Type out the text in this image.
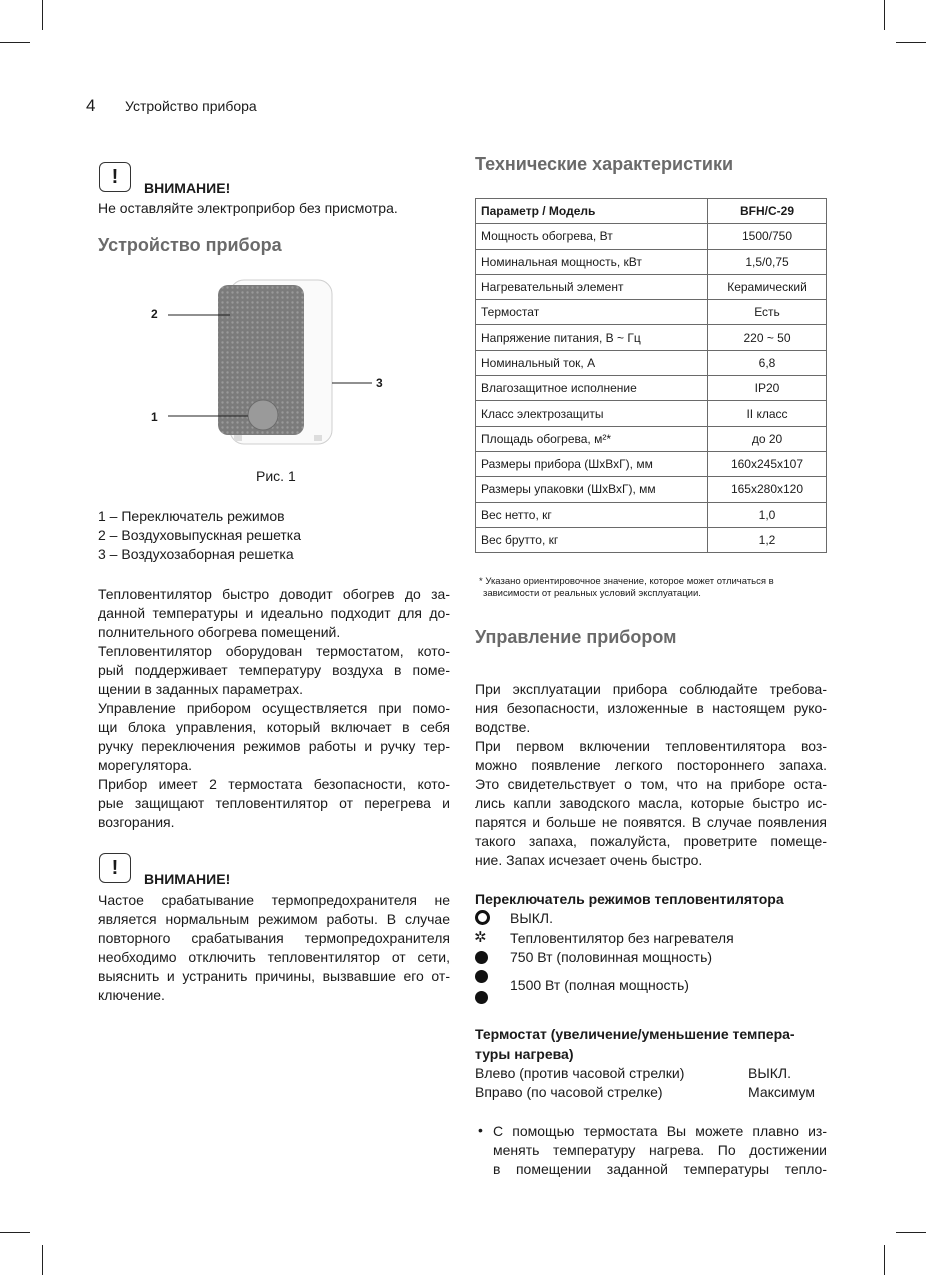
4 Устройство прибора
!
ВНИМАНИЕ!
Не оставляйте электроприбор без присмотра.
Устройство прибора
2
3
1
Рис. 1
1 – Переключатель режимов
2 – Воздуховыпускная решетка
3 – Воздухозаборная решетка
Тепловентилятор быстро доводит обогрев до за-
данной температуры и идеально подходит для до-
полнительного обогрева помещений.
Тепловентилятор оборудован термостатом, кото-
рый поддерживает температуру воздуха в поме-
щении в заданных параметрах.
Управление прибором осуществляется при помо-
щи блока управления, который включает в себя
ручку переключения режимов работы и ручку тер-
морегулятора.
Прибор имеет 2 термостата безопасности, кото-
рые защищают тепловентилятор от перегрева и
возгорания.
!
ВНИМАНИЕ!
Частое срабатывание термопредохранителя не
является нормальным режимом работы. В случае
повторного срабатывания термопредохранителя
необходимо отключить тепловентилятор от сети,
выяснить и устранить причины, вызвавшие его от-
ключение.
Технические характеристики
Параметр / Модель	BFH/C-29
Мощность обогрева, Вт	1500/750
Номинальная мощность, кВт	1,5/0,75
Нагревательный элемент	Керамический
Термостат	Есть
Напряжение питания, В ~ Гц	220 ~ 50
Номинальный ток, А	6,8
Влагозащитное исполнение	IP20
Класс электрозащиты	II класс
Площадь обогрева, м²*	до 20
Размеры прибора (ШхВхГ), мм	160x245x107
Размеры упаковки (ШхВхГ), мм	165x280x120
Вес нетто, кг	1,0
Вес брутто, кг	1,2
* Указано ориентировочное значение, которое может отличаться в
зависимости от реальных условий эксплуатации.
Управление прибором
При эксплуатации прибора соблюдайте требова-
ния безопасности, изложенные в настоящем руко-
водстве.
При первом включении тепловентилятора воз-
можно появление легкого постороннего запаха.
Это свидетельствует о том, что на приборе оста-
лись капли заводского масла, которые быстро ис-
парятся и больше не появятся. В случае появления
такого запаха, пожалуйста, проветрите помеще-
ние. Запах исчезает очень быстро.
Переключатель режимов тепловентилятора
ВЫКЛ.
✲ Тепловентилятор без нагревателя
750 Вт (половинная мощность)
1500 Вт (полная мощность)
Термостат (увеличение/уменьшение темпера-
туры нагрева)
Влево (против часовой стрелки)	ВЫКЛ.
Вправо (по часовой стрелке)	Максимум
• С помощью термостата Вы можете плавно из-
менять температуру нагрева. По достижении
в помещении заданной температуры тепло-
